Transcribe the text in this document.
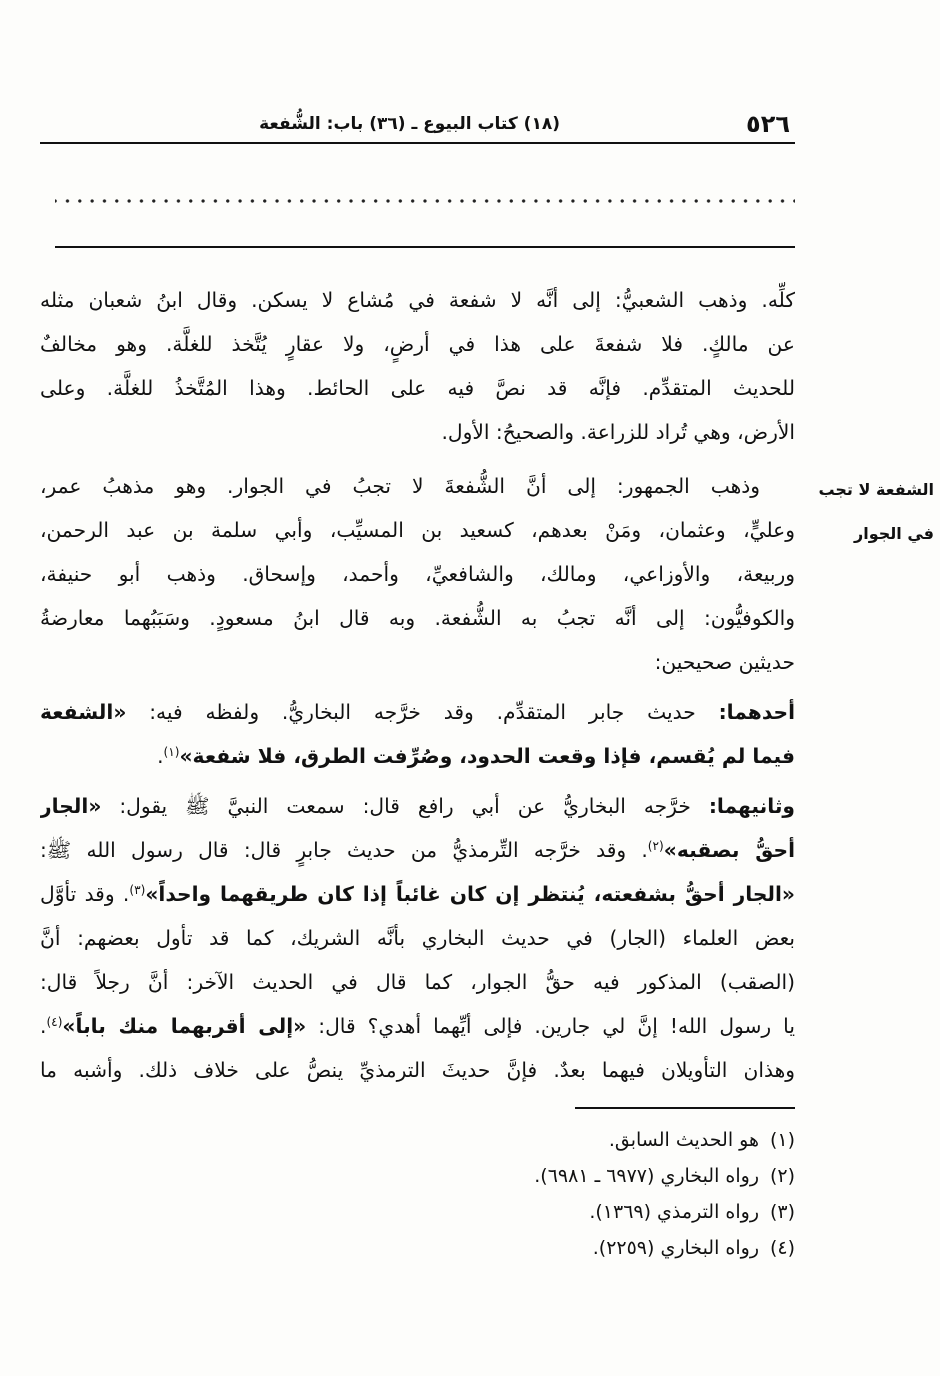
٥٢٦
(١٨) كتاب البيوع ـ (٣٦) باب: الشُّفعة
الشفعة لا تجب
في الجوار
كلِّه. وذهب الشعبيُّ: إلى أنَّه لا شفعة في مُشاع لا يسكن. وقال ابنُ شعبان مثله
عن مالكٍ. فلا شفعةَ على هذا في أرضٍ، ولا عقارٍ يُتَّخذ للغلَّة. وهو مخالفٌ
للحديث المتقدِّم. فإنَّه قد نصَّ فيه على الحائط. وهذا المُتَّخذُ للغلَّة. وعلى
الأرض، وهي تُراد للزراعة. والصحيحُ: الأول.
وذهب الجمهور: إلى أنَّ الشُّفعةَ لا تجبُ في الجوار. وهو مذهبُ عمر،
وعليٍّ، وعثمان، ومَنْ بعدهم، كسعيد بن المسيِّب، وأبي سلمة بن عبد الرحمن،
وربيعة، والأوزاعي، ومالك، والشافعيِّ، وأحمد، وإسحاق. وذهب أبو حنيفة،
والكوفيُّون: إلى أنَّه تجبُ به الشُّفعة. وبه قال ابنُ مسعودٍ. وسَبَبُهما معارضةُ
حديثين صحيحين:
أحدهما: حديث جابر المتقدِّم. وقد خرَّجه البخاريُّ. ولفظه فيه: «الشفعة
فيما لم يُقسم، فإذا وقعت الحدود، وصُرِّفت الطرق، فلا شفعة»$^{(١)}$.
وثانيهما: خرَّجه البخاريُّ عن أبي رافع قال: سمعت النبيَّ ﷺ يقول: «الجار
أحقُّ بصقبه»$^{(٢)}$. وقد خرَّجه التِّرمذيُّ من حديث جابرٍ قال: قال رسول الله ﷺ:
«الجار أحقُّ بشفعته، يُنتظر إن كان غائباً إذا كان طريقهما واحداً»$^{(٣)}$. وقد تأوَّل
بعض العلماء (الجار) في حديث البخاري بأنَّه الشريك، كما قد تأول بعضهم: أنَّ
(الصقب) المذكور فيه حقُّ الجوار، كما قال في الحديث الآخر: أنَّ رجلاً قال:
يا رسول الله! إنَّ لي جارين. فإلى أيِّهما أهدي؟ قال: «إلى أقربهما منك باباً»$^{(٤)}$.
وهذان التأويلان فيهما بعدٌ. فإنَّ حديثَ الترمذيِّ ينصُّ على خلاف ذلك. وأشبه ما
(١)
هو الحديث السابق.
(٢)
رواه البخاري (٦٩٧٧ ـ ٦٩٨١).
(٣)
رواه الترمذي (١٣٦٩).
(٤)
رواه البخاري (٢٢٥٩).
